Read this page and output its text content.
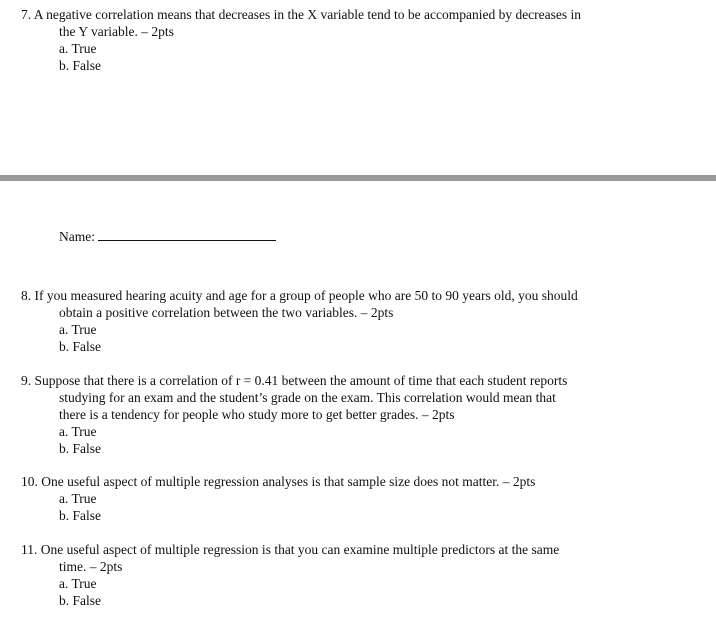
7. A negative correlation means that decreases in the X variable tend to be accompanied by decreases in
the Y variable. – 2pts
a. True
b. False
Name:
8. If you measured hearing acuity and age for a group of people who are 50 to 90 years old, you should
obtain a positive correlation between the two variables. – 2pts
a. True
b. False
9. Suppose that there is a correlation of r = 0.41 between the amount of time that each student reports
studying for an exam and the student’s grade on the exam. This correlation would mean that
there is a tendency for people who study more to get better grades. – 2pts
a. True
b. False
10. One useful aspect of multiple regression analyses is that sample size does not matter. – 2pts
a. True
b. False
11. One useful aspect of multiple regression is that you can examine multiple predictors at the same
time. – 2pts
a. True
b. False
